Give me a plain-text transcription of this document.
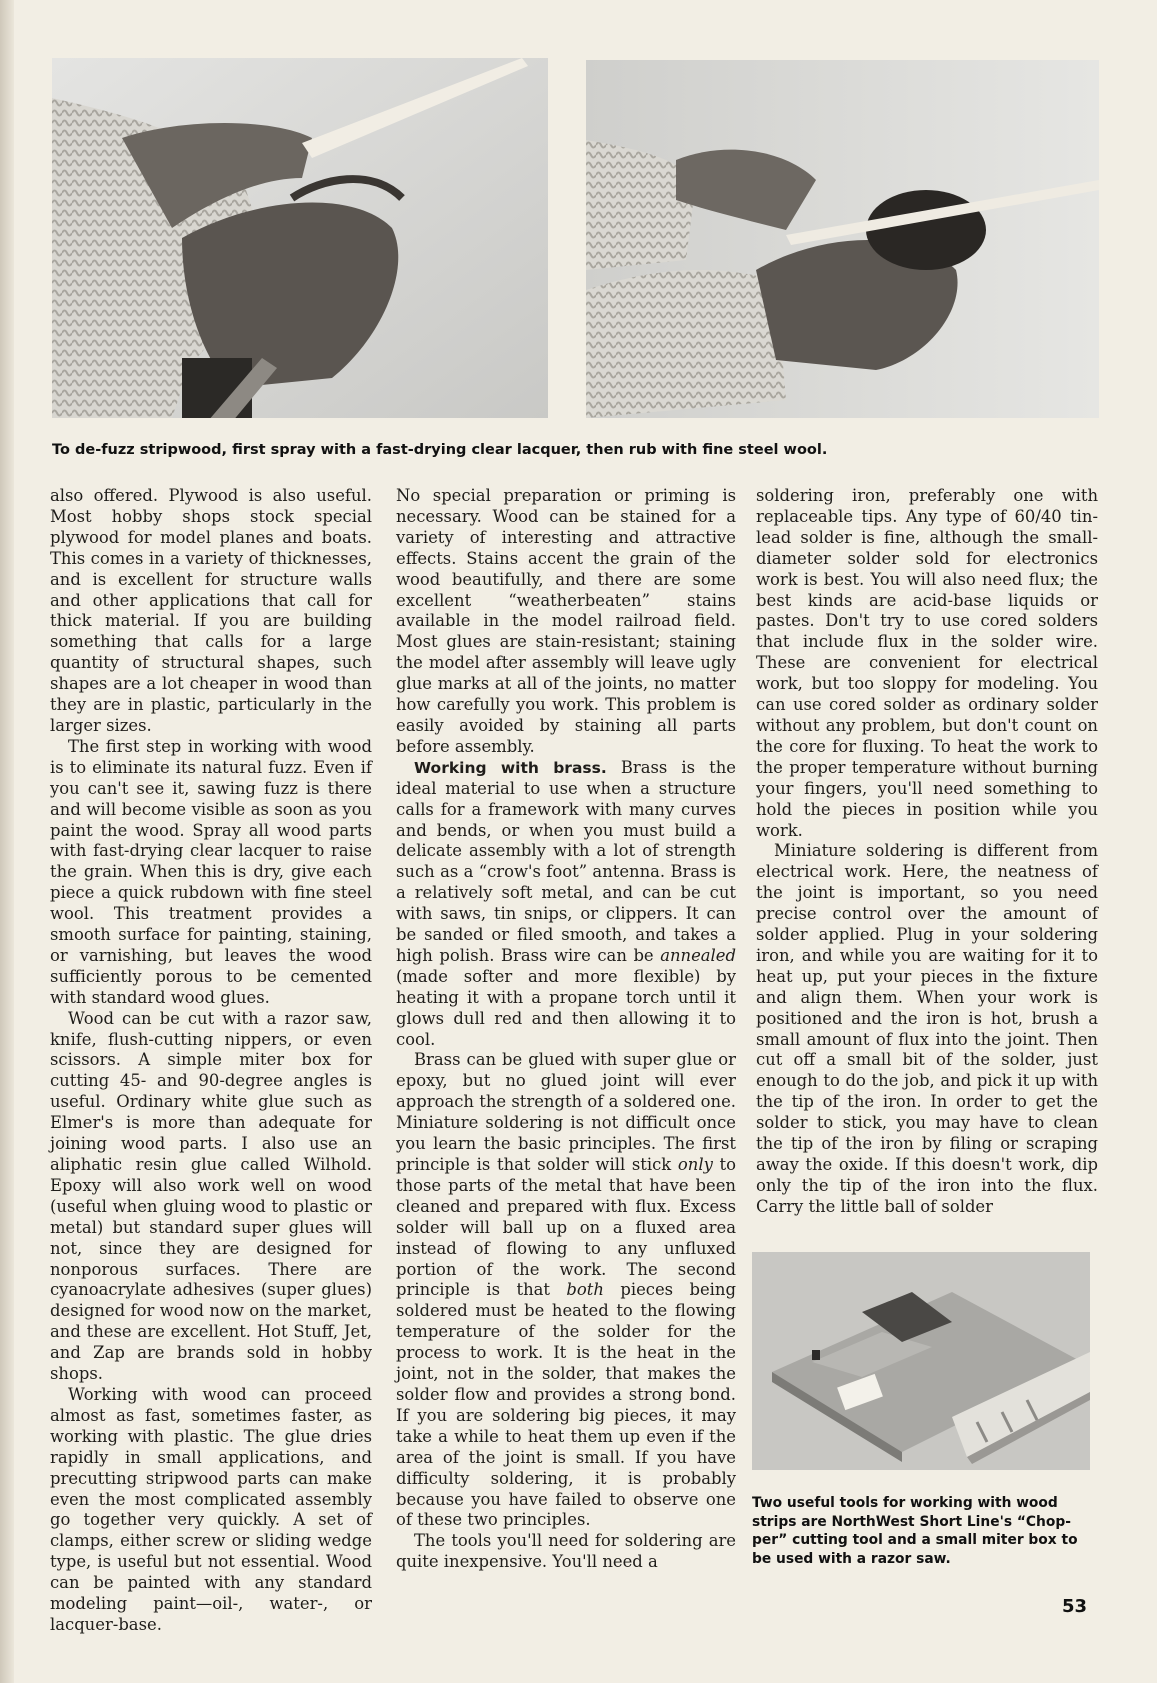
To de-fuzz stripwood, first spray with a fast-drying clear lacquer, then rub with fine steel wool.

also offered. Plywood is also useful. Most hobby shops stock special plywood for model planes and boats. This comes in a variety of thicknesses, and is excellent for structure walls and other applications that call for thick material. If you are building something that calls for a large quantity of structural shapes, such shapes are a lot cheaper in wood than they are in plastic, particularly in the larger sizes.

The first step in working with wood is to eliminate its natural fuzz. Even if you can't see it, sawing fuzz is there and will become visible as soon as you paint the wood. Spray all wood parts with fast-drying clear lacquer to raise the grain. When this is dry, give each piece a quick rubdown with fine steel wool. This treatment provides a smooth surface for painting, staining, or varnishing, but leaves the wood sufficiently porous to be cemented with standard wood glues.

Wood can be cut with a razor saw, knife, flush-cutting nippers, or even scissors. A simple miter box for cutting 45- and 90-degree angles is useful. Ordinary white glue such as Elmer's is more than adequate for joining wood parts. I also use an aliphatic resin glue called Wilhold. Epoxy will also work well on wood (useful when gluing wood to plastic or metal) but standard super glues will not, since they are designed for nonporous surfaces. There are cyanoacrylate adhesives (super glues) designed for wood now on the market, and these are excellent. Hot Stuff, Jet, and Zap are brands sold in hobby shops.

Working with wood can proceed almost as fast, sometimes faster, as working with plastic. The glue dries rapidly in small applications, and precutting stripwood parts can make even the most complicated assembly go together very quickly. A set of clamps, either screw or sliding wedge type, is useful but not essential. Wood can be painted with any standard modeling paint—oil-, water-, or lacquer-base.

No special preparation or priming is necessary. Wood can be stained for a variety of interesting and attractive effects. Stains accent the grain of the wood beautifully, and there are some excellent “weatherbeaten” stains available in the model railroad field. Most glues are stain-resistant; staining the model after assembly will leave ugly glue marks at all of the joints, no matter how carefully you work. This problem is easily avoided by staining all parts before assembly.

Working with brass. Brass is the ideal material to use when a structure calls for a framework with many curves and bends, or when you must build a delicate assembly with a lot of strength such as a “crow's foot” antenna. Brass is a relatively soft metal, and can be cut with saws, tin snips, or clippers. It can be sanded or filed smooth, and takes a high polish. Brass wire can be annealed (made softer and more flexible) by heating it with a propane torch until it glows dull red and then allowing it to cool.

Brass can be glued with super glue or epoxy, but no glued joint will ever approach the strength of a soldered one. Miniature soldering is not difficult once you learn the basic principles. The first principle is that solder will stick only to those parts of the metal that have been cleaned and prepared with flux. Excess solder will ball up on a fluxed area instead of flowing to any unfluxed portion of the work. The second principle is that both pieces being soldered must be heated to the flowing temperature of the solder for the process to work. It is the heat in the joint, not in the solder, that makes the solder flow and provides a strong bond. If you are soldering big pieces, it may take a while to heat them up even if the area of the joint is small. If you have difficulty soldering, it is probably because you have failed to observe one of these two principles.

The tools you'll need for soldering are quite inexpensive. You'll need a

soldering iron, preferably one with replaceable tips. Any type of 60/40 tin-lead solder is fine, although the small-diameter solder sold for electronics work is best. You will also need flux; the best kinds are acid-base liquids or pastes. Don't try to use cored solders that include flux in the solder wire. These are convenient for electrical work, but too sloppy for modeling. You can use cored solder as ordinary solder without any problem, but don't count on the core for fluxing. To heat the work to the proper temperature without burning your fingers, you'll need something to hold the pieces in position while you work.

Miniature soldering is different from electrical work. Here, the neatness of the joint is important, so you need precise control over the amount of solder applied. Plug in your soldering iron, and while you are waiting for it to heat up, put your pieces in the fixture and align them. When your work is positioned and the iron is hot, brush a small amount of flux into the joint. Then cut off a small bit of the solder, just enough to do the job, and pick it up with the tip of the iron. In order to get the solder to stick, you may have to clean the tip of the iron by filing or scraping away the oxide. If this doesn't work, dip only the tip of the iron into the flux. Carry the little ball of solder

Two useful tools for working with wood strips are NorthWest Short Line's “Chop-per” cutting tool and a small miter box to be used with a razor saw.
53
